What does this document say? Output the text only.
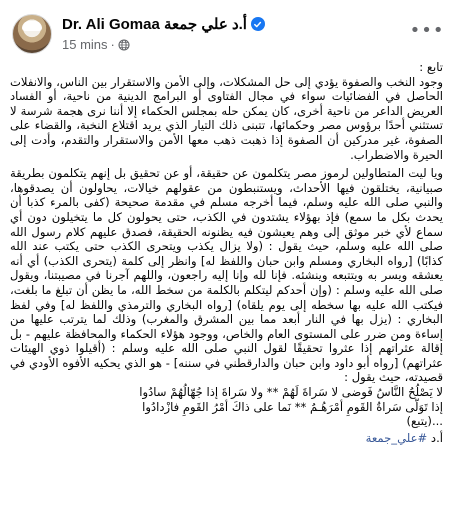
Dr. Ali Gomaa أ.د علي جمعة
15 mins ·
•••

تابع :

وجود النخب والصفوة يؤدي إلى حل المشكلات، وإلى الأمن والاستقرار بين الناس، والانفلات الحاصل في الفضائيات سواء في مجال الفتاوى أو البرامج الدينية من ناحية، أو الفساد العريض الداعر من ناحية أخرى، كان يمكن حله بمجلس الحكماء إلا أننا نرى هجمة شرسة لا تستثني أحدًا برؤوس مصر وحكمائها، تتبنى ذلك التيار الذي يريد اقتلاع النخبة، والقضاء على الصفوة، غير مدركين أن الصفوة إذا ذهبت ذهب معها الأمن والاستقرار والتقدم، وأدت إلى الحيرة والاضطراب.

ويا ليت المتطاولين لرموز مصر يتكلمون عن حقيقة، أو عن تحقيق بل إنهم يتكلمون بطريقة صبيانية، يختلقون فيها الأحداث، ويستنبطون من عقولهم خيالات، يحاولون أن يصدقوها، والنبي صلى الله عليه وسلم، فيما أخرجه مسلم في مقدمة صحيحة (كفى بالمرء كذبا أن يحدث بكل ما سمع) فإذ بهؤلاء يشتدون في الكذب، حتى يحولون كل ما يتخيلون دون أي سماع لأي خبر موثق إلى وهم يعيشون فيه يظنونه الحقيقة، فصدق عليهم كلام رسول الله صلى الله عليه وسلم، حيث يقول : (ولا يزال يكذب ويتحرى الكذب حتى يكتب عند الله كذابًا) [رواه البخاري ومسلم وابن حبان واللفظ له] وانظر إلى كلمة (يتحرى الكذب) أي أنه يعشقه ويسر به ويتتبعه وينشئه. فإنا لله وإنا إليه راجعون، واللهم آجرنا في مصيبتنا، ويقول صلى الله عليه وسلم : (وإن أحدكم ليتكلم بالكلمة من سخط الله، ما يظن أن تبلغ ما بلغت، فيكتب الله عليه بها سخطه إلى يوم يلقاه) [رواه البخاري والترمذي واللفظ له] وفي لفظ البخاري : (يزل بها في النار أبعد مما بين المشرق والمغرب) وذلك لما يترتب عليها من إساءة ومن ضرر على المستوى العام والخاص، ووجود هؤلاء الحكماء والمحافظة عليهم - بل إقالة عثراتهم إذا عثروا تحقيقًا لقول النبي صلى الله عليه وسلم : (أقيلوا ذوي الهيئات عثراتهم) [رواه أبو داود وابن حبان والدارقطني في سننه] - هو الذي يحكيه الأفوه الأودي في قصيدته، حيث يقول :

لا يَصْلُحُ النَّاسُ فَوضى لا سَراةَ لَهُمْ ** ولا سَراةَ إذا جُهّالُهُمْ سادُوا

إذا تَوَلّى سَراةُ القَومِ أمْرَهُـمُ ** نَما على ذاكَ أمْرُ القَومِ فازْدادُوا

...(يتبع)

أ.د #علي_جمعة
